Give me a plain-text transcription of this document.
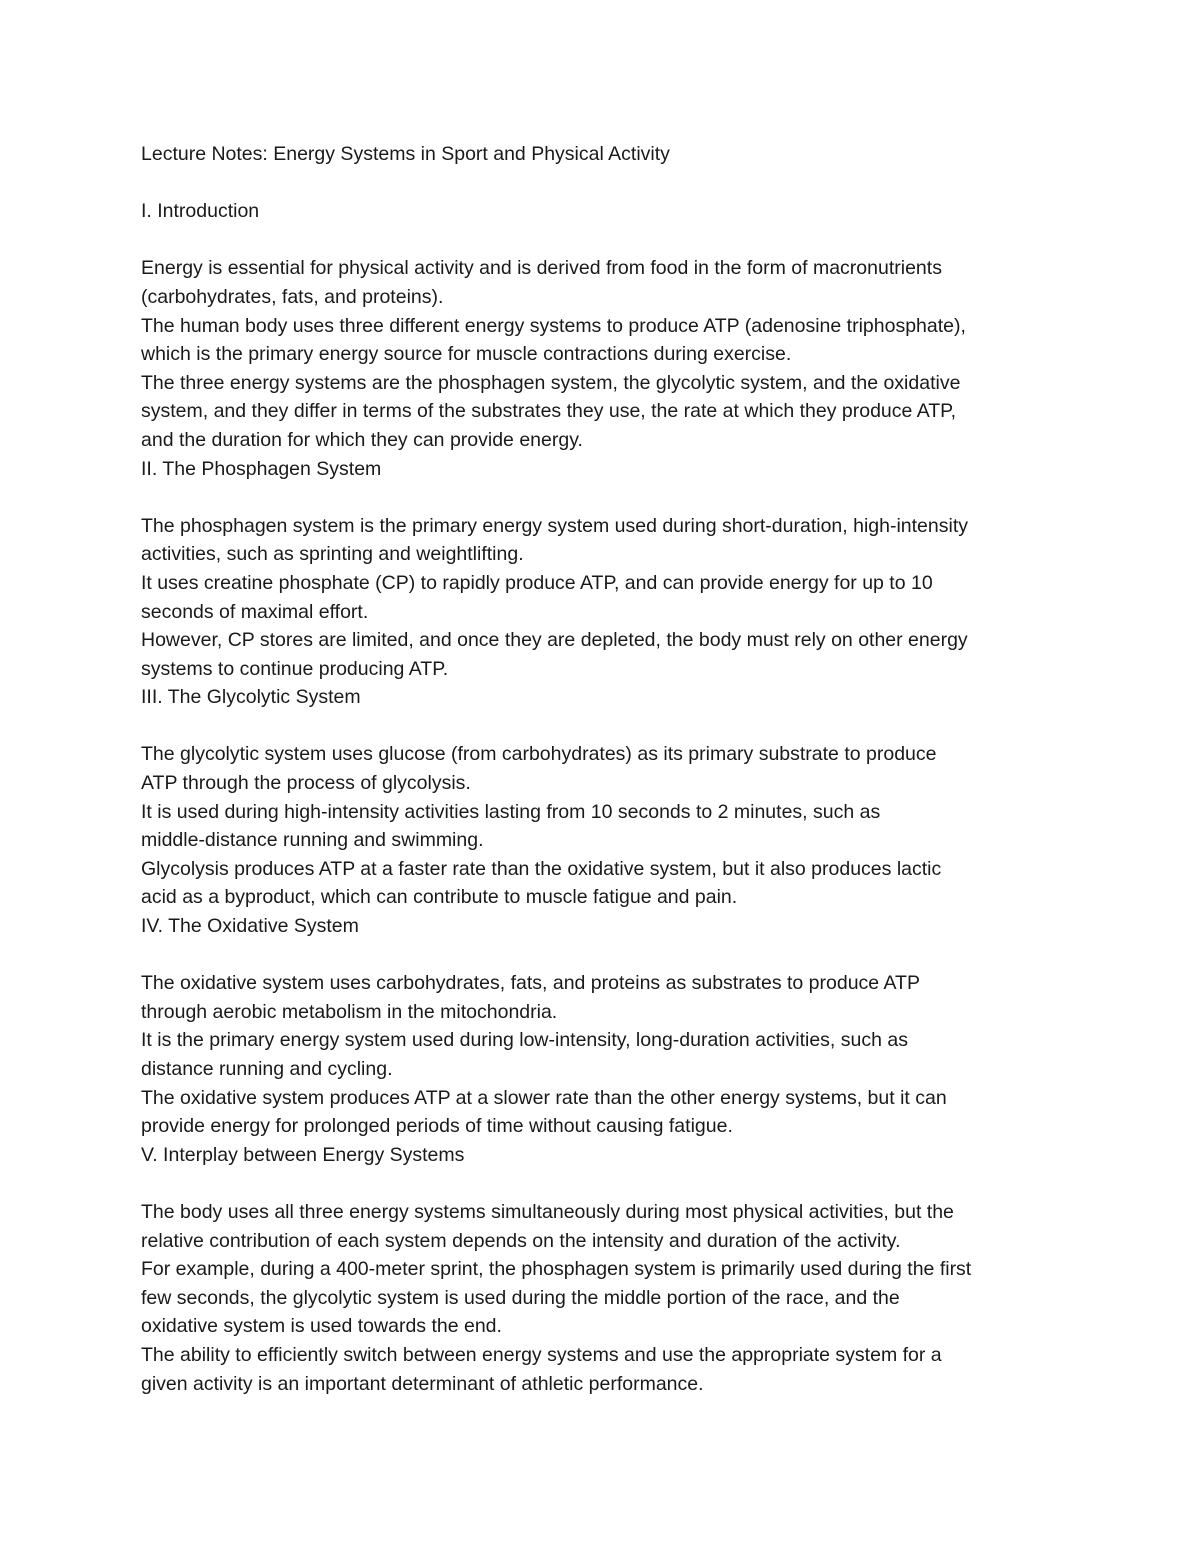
Lecture Notes: Energy Systems in Sport and Physical Activity

I. Introduction

Energy is essential for physical activity and is derived from food in the form of macronutrients

(carbohydrates, fats, and proteins).

The human body uses three different energy systems to produce ATP (adenosine triphosphate),

which is the primary energy source for muscle contractions during exercise.

The three energy systems are the phosphagen system, the glycolytic system, and the oxidative

system, and they differ in terms of the substrates they use, the rate at which they produce ATP,

and the duration for which they can provide energy.

II. The Phosphagen System

The phosphagen system is the primary energy system used during short-duration, high-intensity

activities, such as sprinting and weightlifting.

It uses creatine phosphate (CP) to rapidly produce ATP, and can provide energy for up to 10

seconds of maximal effort.

However, CP stores are limited, and once they are depleted, the body must rely on other energy

systems to continue producing ATP.

III. The Glycolytic System

The glycolytic system uses glucose (from carbohydrates) as its primary substrate to produce

ATP through the process of glycolysis.

It is used during high-intensity activities lasting from 10 seconds to 2 minutes, such as

middle-distance running and swimming.

Glycolysis produces ATP at a faster rate than the oxidative system, but it also produces lactic

acid as a byproduct, which can contribute to muscle fatigue and pain.

IV. The Oxidative System

The oxidative system uses carbohydrates, fats, and proteins as substrates to produce ATP

through aerobic metabolism in the mitochondria.

It is the primary energy system used during low-intensity, long-duration activities, such as

distance running and cycling.

The oxidative system produces ATP at a slower rate than the other energy systems, but it can

provide energy for prolonged periods of time without causing fatigue.

V. Interplay between Energy Systems

The body uses all three energy systems simultaneously during most physical activities, but the

relative contribution of each system depends on the intensity and duration of the activity.

For example, during a 400-meter sprint, the phosphagen system is primarily used during the first

few seconds, the glycolytic system is used during the middle portion of the race, and the

oxidative system is used towards the end.

The ability to efficiently switch between energy systems and use the appropriate system for a

given activity is an important determinant of athletic performance.
